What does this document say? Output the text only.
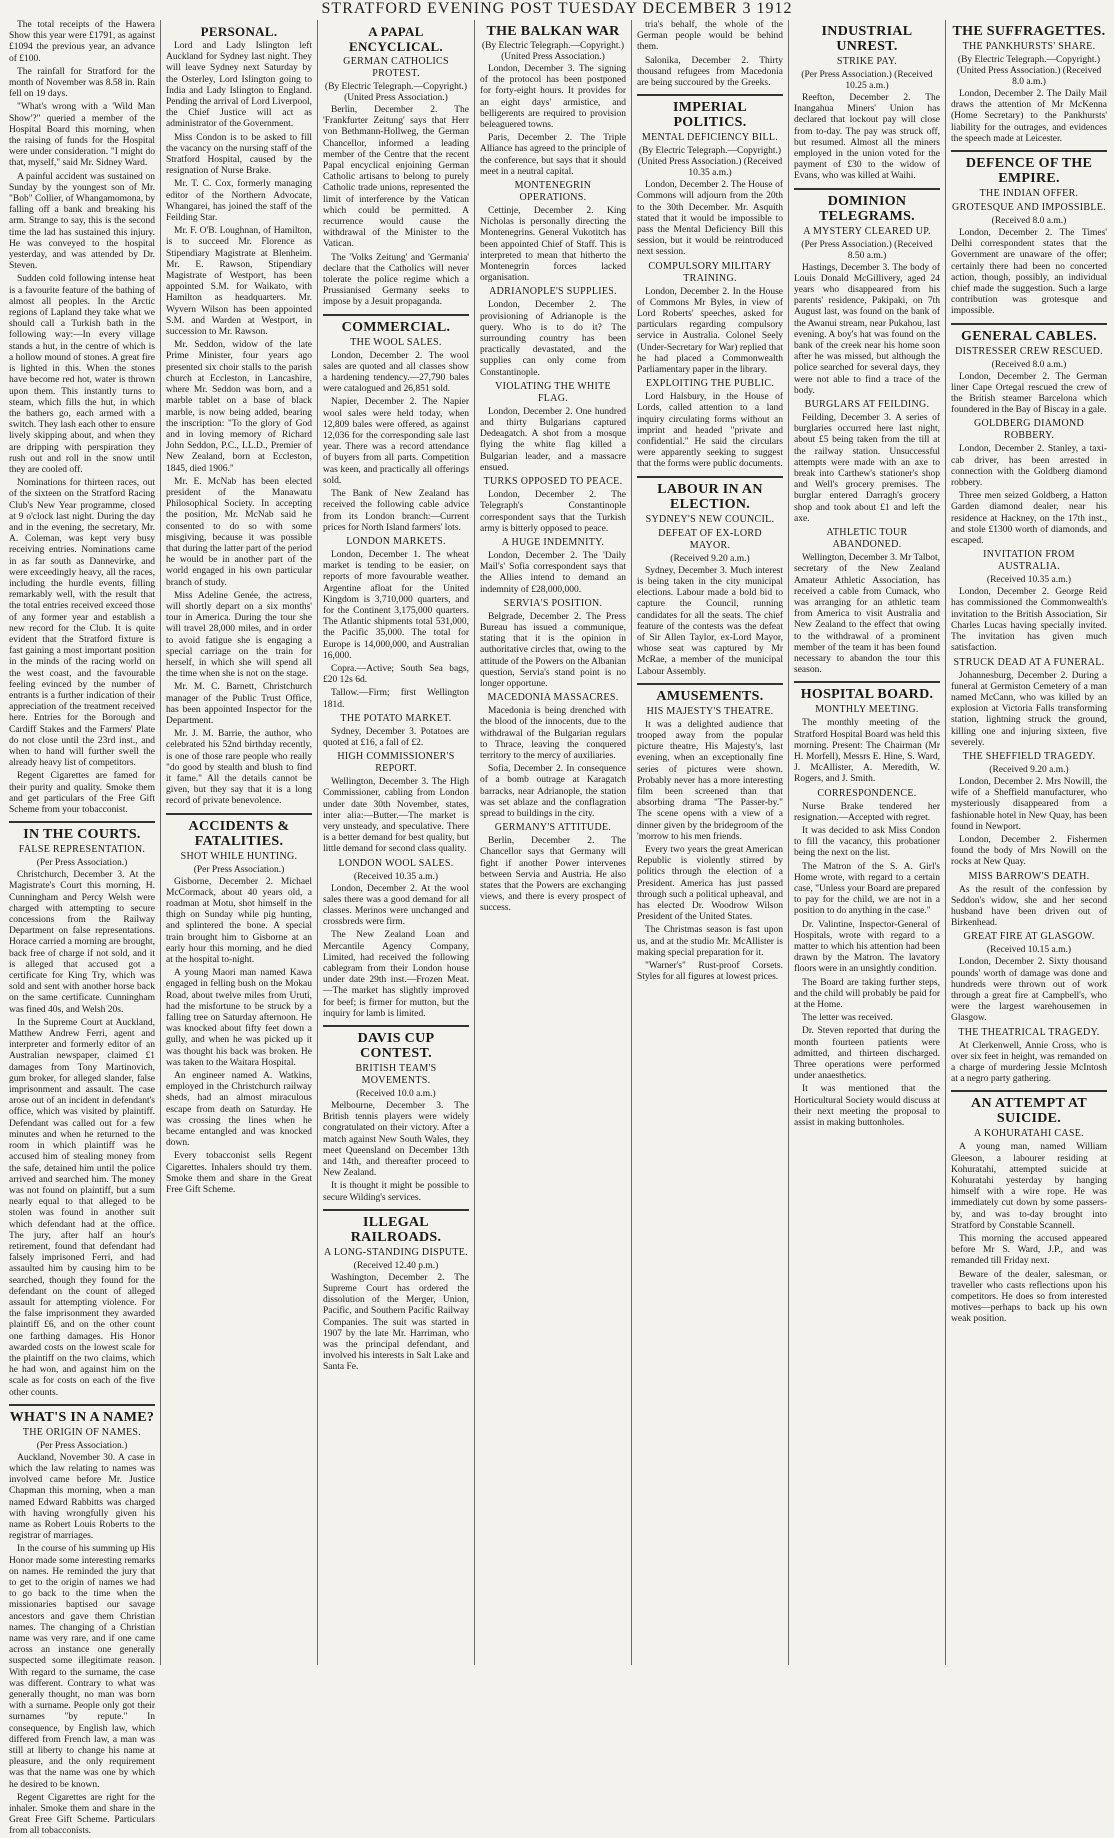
STRATFORD EVENING POST TUESDAY DECEMBER 3 1912

The total receipts of the Hawera Show this year were £1791, as against £1094 the previous year, an advance of £100.

The rainfall for Stratford for the month of November was 8.58 in. Rain fell on 19 days.

"What's wrong with a 'Wild Man Show'?" queried a member of the Hospital Board this morning, when the raising of funds for the Hospital were under consideration. "I might do that, myself," said Mr. Sidney Ward.

A painful accident was sustained on Sunday by the youngest son of Mr. "Bob" Collier, of Whangamomona, by falling off a bank and breaking his arm. Strange to say, this is the second time the lad has sustained this injury. He was conveyed to the hospital yesterday, and was attended by Dr. Steven.

Sudden cold following intense heat is a favourite feature of the bathing of almost all peoples. In the Arctic regions of Lapland they take what we should call a Turkish bath in the following way:—In every village stands a hut, in the centre of which is a hollow mound of stones. A great fire is lighted in this. When the stones have become red hot, water is thrown upon them. This instantly turns to steam, which fills the hut, in which the bathers go, each armed with a switch. They lash each other to ensure lively skipping about, and when they are dripping with perspiration they rush out and roll in the snow until they are cooled off.

Nominations for thirteen races, out of the sixteen on the Stratford Racing Club's New Year programme, closed at 9 o'clock last night. During the day and in the evening, the secretary, Mr. A. Coleman, was kept very busy receiving entries. Nominations came in as far south as Dannevirke, and were exceedingly heavy, all the races, including the hurdle events, filling remarkably well, with the result that the total entries received exceed those of any former year and establish a new record for the Club. It is quite evident that the Stratford fixture is fast gaining a most important position in the minds of the racing world on the west coast, and the favourable feeling evinced by the number of entrants is a further indication of their appreciation of the treatment received here. Entries for the Borough and Cardiff Stakes and the Farmers' Plate do not close until the 23rd inst., and when to hand will further swell the already heavy list of competitors.

Regent Cigarettes are famed for their purity and quality. Smoke them and get particulars of the Free Gift Scheme from your tobacconist.

IN THE COURTS.
FALSE REPRESENTATION.
(Per Press Association.)

Christchurch, December 3. At the Magistrate's Court this morning, H. Cunningham and Percy Welsh were charged with attempting to secure concessions from the Railway Department on false representations. Horace carried a morning are brought, back free of charge if not sold, and it is alleged that accused got a certificate for King Try, which was sold and sent with another horse back on the same certificate. Cunningham was fined 40s, and Welsh 20s.

In the Supreme Court at Auckland, Matthew Andrew Ferri, agent and interpreter and formerly editor of an Australian newspaper, claimed £1 damages from Tony Martinovich, gum broker, for alleged slander, false imprisonment and assault. The case arose out of an incident in defendant's office, which was visited by plaintiff. Defendant was called out for a few minutes and when he returned to the room in which plaintiff was he accused him of stealing money from the safe, detained him until the police arrived and searched him. The money was not found on plaintiff, but a sum nearly equal to that alleged to be stolen was found in another suit which defendant had at the office. The jury, after half an hour's retirement, found that defendant had falsely imprisoned Ferri, and had assaulted him by causing him to be searched, though they found for the defendant on the count of alleged assault for attempting violence. For the false imprisonment they awarded plaintiff £6, and on the other count one farthing damages. His Honor awarded costs on the lowest scale for the plaintiff on the two claims, which he had won, and against him on the scale as for costs on each of the five other counts.

WHAT'S IN A NAME?
THE ORIGIN OF NAMES.
(Per Press Association.)

Auckland, November 30. A case in which the law relating to names was involved came before Mr. Justice Chapman this morning, when a man named Edward Rabbitts was charged with having wrongfully given his name as Robert Louis Roberts to the registrar of marriages.

In the course of his summing up His Honor made some interesting remarks on names. He reminded the jury that to get to the origin of names we had to go back to the time when the missionaries baptised our savage ancestors and gave them Christian names. The changing of a Christian name was very rare, and if one came across an instance one generally suspected some illegitimate reason. With regard to the surname, the case was different. Contrary to what was generally thought, no man was born with a surname. People only got their surnames "by repute." In consequence, by English law, which differed from French law, a man was still at liberty to change his name at pleasure, and the only requirement was that the name was one by which he desired to be known.

Regent Cigarettes are right for the inhaler. Smoke them and share in the Great Free Gift Scheme. Particulars from all tobacconists.

PERSONAL.

Lord and Lady Islington left Auckland for Sydney last night. They will leave Sydney next Saturday by the Osterley, Lord Islington going to India and Lady Islington to England. Pending the arrival of Lord Liverpool, the Chief Justice will act as administrator of the Government.

Miss Condon is to be asked to fill the vacancy on the nursing staff of the Stratford Hospital, caused by the resignation of Nurse Brake.

Mr. T. C. Cox, formerly managing editor of the Northern Advocate, Whangarei, has joined the staff of the Feilding Star.

Mr. F. O'B. Loughnan, of Hamilton, is to succeed Mr. Florence as Stipendiary Magistrate at Blenheim. Mr. E. Rawson, Stipendiary Magistrate of Westport, has been appointed S.M. for Waikato, with Hamilton as headquarters. Mr. Wyvern Wilson has been appointed S.M. and Warden at Westport, in succession to Mr. Rawson.

Mr. Seddon, widow of the late Prime Minister, four years ago presented six choir stalls to the parish church at Eccleston, in Lancashire, where Mr. Seddon was born, and a marble tablet on a base of black marble, is now being added, bearing the inscription: "To the glory of God and in loving memory of Richard John Seddon, P.C., LL.D., Premier of New Zealand, born at Eccleston, 1845, died 1906."

Mr. E. McNab has been elected president of the Manawatu Philosophical Society. In accepting the position, Mr. McNab said he consented to do so with some misgiving, because it was possible that during the latter part of the period he would be in another part of the world engaged in his own particular branch of study.

Miss Adeline Genée, the actress, will shortly depart on a six months' tour in America. During the tour she will travel 28,000 miles, and in order to avoid fatigue she is engaging a special carriage on the train for herself, in which she will spend all the time when she is not on the stage.

Mr. M. C. Barnett, Christchurch manager of the Public Trust Office, has been appointed Inspector for the Department.

Mr. J. M. Barrie, the author, who celebrated his 52nd birthday recently, is one of those rare people who really "do good by stealth and blush to find it fame." All the details cannot be given, but they say that it is a long record of private benevolence.

ACCIDENTS & FATALITIES.
SHOT WHILE HUNTING.
(Per Press Association.)

Gisborne, December 2. Michael McCormack, about 40 years old, a roadman at Motu, shot himself in the thigh on Sunday while pig hunting, and splintered the bone. A special train brought him to Gisborne at an early hour this morning, and he died at the hospital to-night.

A young Maori man named Kawa engaged in felling bush on the Mokau Road, about twelve miles from Uruti, had the misfortune to be struck by a falling tree on Saturday afternoon. He was knocked about fifty feet down a gully, and when he was picked up it was thought his back was broken. He was taken to the Waitara Hospital.

An engineer named A. Watkins, employed in the Christchurch railway sheds, had an almost miraculous escape from death on Saturday. He was crossing the lines when he became entangled and was knocked down.

Every tobacconist sells Regent Cigarettes. Inhalers should try them. Smoke them and share in the Great Free Gift Scheme.

A PAPAL ENCYCLICAL.
GERMAN CATHOLICS PROTEST.
(By Electric Telegraph.—Copyright.) (United Press Association.)

Berlin, December 2. The 'Frankfurter Zeitung' says that Herr von Bethmann-Hollweg, the German Chancellor, informed a leading member of the Centre that the recent Papal encyclical enjoining German Catholic artisans to belong to purely Catholic trade unions, represented the limit of interference by the Vatican which could be permitted. A recurrence would cause the withdrawal of the Minister to the Vatican.

The 'Volks Zeitung' and 'Germania' declare that the Catholics will never tolerate the police regime which a Prussianised Germany seeks to impose by a Jesuit propaganda.

COMMERCIAL.
THE WOOL SALES.

London, December 2. The wool sales are quoted and all classes show a hardening tendency.—27,790 bales were catalogued and 26,851 sold.

Napier, December 2. The Napier wool sales were held today, when 12,809 bales were offered, as against 12,036 for the corresponding sale last year. There was a record attendance of buyers from all parts. Competition was keen, and practically all offerings sold.

The Bank of New Zealand has received the following cable advice from its London branch:—Current prices for North Island farmers' lots.

LONDON MARKETS.

London, December 1. The wheat market is tending to be easier, on reports of more favourable weather. Argentine afloat for the United Kingdom is 3,710,000 quarters, and for the Continent 3,175,000 quarters. The Atlantic shipments total 531,000, the Pacific 35,000. The total for Europe is 14,000,000, and Australian 16,000.

Copra.—Active; South Sea bags, £20 12s 6d.

Tallow.—Firm; first Wellington 181d.

THE POTATO MARKET.

Sydney, December 3. Potatoes are quoted at £16, a fall of £2.

HIGH COMMISSIONER'S REPORT.

Wellington, December 3. The High Commissioner, cabling from London under date 30th November, states, inter alia:—Butter.—The market is very unsteady, and speculative. There is a better demand for best quality, but little demand for second class quality.

LONDON WOOL SALES.
(Received 10.35 a.m.)

London, December 2. At the wool sales there was a good demand for all classes. Merinos were unchanged and crossbreds were firm.

The New Zealand Loan and Mercantile Agency Company, Limited, had received the following cablegram from their London house under date 29th inst.—Frozen Meat.—The market has slightly improved for beef; is firmer for mutton, but the inquiry for lamb is limited.

DAVIS CUP CONTEST.
BRITISH TEAM'S MOVEMENTS.
(Received 10.0 a.m.)

Melbourne, December 3. The British tennis players were widely congratulated on their victory. After a match against New South Wales, they meet Queensland on December 13th and 14th, and thereafter proceed to New Zealand.

It is thought it might be possible to secure Wilding's services.

ILLEGAL RAILROADS.
A LONG-STANDING DISPUTE.
(Received 12.40 p.m.)

Washington, December 2. The Supreme Court has ordered the dissolution of the Merger, Union, Pacific, and Southern Pacific Railway Companies. The suit was started in 1907 by the late Mr. Harriman, who was the principal defendant, and involved his interests in Salt Lake and Santa Fe.

THE BALKAN WAR
(By Electric Telegraph.—Copyright.) (United Press Association.)

London, December 3. The signing of the protocol has been postponed for forty-eight hours. It provides for an eight days' armistice, and belligerents are required to provision beleaguered towns.

Paris, December 2. The Triple Alliance has agreed to the principle of the conference, but says that it should meet in a neutral capital.

MONTENEGRIN OPERATIONS.

Cettinje, December 2. King Nicholas is personally directing the Montenegrins. General Vukotitch has been appointed Chief of Staff. This is interpreted to mean that hitherto the Montenegrin forces lacked organisation.

ADRIANOPLE'S SUPPLIES.

London, December 2. The provisioning of Adrianople is the query. Who is to do it? The surrounding country has been practically devastated, and the supplies can only come from Constantinople.

VIOLATING THE WHITE FLAG.

London, December 2. One hundred and thirty Bulgarians captured Dedeagatch. A shot from a mosque flying the white flag killed a Bulgarian leader, and a massacre ensued.

TURKS OPPOSED TO PEACE.

London, December 2. The Telegraph's Constantinople correspondent says that the Turkish army is bitterly opposed to peace.

A HUGE INDEMNITY.

London, December 2. The 'Daily Mail's' Sofia correspondent says that the Allies intend to demand an indemnity of £28,000,000.

SERVIA'S POSITION.

Belgrade, December 2. The Press Bureau has issued a communique, stating that it is the opinion in authoritative circles that, owing to the attitude of the Powers on the Albanian question, Servia's stand point is no longer opportune.

MACEDONIA MASSACRES.

Macedonia is being drenched with the blood of the innocents, due to the withdrawal of the Bulgarian regulars to Thrace, leaving the conquered territory to the mercy of auxiliaries.

Sofia, December 2. In consequence of a bomb outrage at Karagatch barracks, near Adrianople, the station was set ablaze and the conflagration spread to buildings in the city.

GERMANY'S ATTITUDE.

Berlin, December 2. The Chancellor says that Germany will fight if another Power intervenes between Servia and Austria. He also states that the Powers are exchanging views, and there is every prospect of success.

tria's behalf, the whole of the German people would be behind them.

Salonika, December 2. Thirty thousand refugees from Macedonia are being succoured by the Greeks.

IMPERIAL POLITICS.
MENTAL DEFICIENCY BILL.
(By Electric Telegraph.—Copyright.) (United Press Association.) (Received 10.35 a.m.)

London, December 2. The House of Commons will adjourn from the 20th to the 30th December. Mr. Asquith stated that it would be impossible to pass the Mental Deficiency Bill this session, but it would be reintroduced next session.

COMPULSORY MILITARY TRAINING.

London, December 2. In the House of Commons Mr Byles, in view of Lord Roberts' speeches, asked for particulars regarding compulsory service in Australia. Colonel Seely (Under-Secretary for War) replied that he had placed a Commonwealth Parliamentary paper in the library.

EXPLOITING THE PUBLIC.

Lord Halsbury, in the House of Lords, called attention to a land inquiry circulating forms without an imprint and headed "private and confidential." He said the circulars were apparently seeking to suggest that the forms were public documents.

LABOUR IN AN ELECTION.
SYDNEY'S NEW COUNCIL.
DEFEAT OF EX-LORD MAYOR.
(Received 9.20 a.m.)

Sydney, December 3. Much interest is being taken in the city municipal elections. Labour made a bold bid to capture the Council, running candidates for all the seats. The chief feature of the contests was the defeat of Sir Allen Taylor, ex-Lord Mayor, whose seat was captured by Mr McRae, a member of the municipal Labour Assembly.

AMUSEMENTS.
HIS MAJESTY'S THEATRE.

It was a delighted audience that trooped away from the popular picture theatre, His Majesty's, last evening, when an exceptionally fine series of pictures were shown. Probably never has a more interesting film been screened than that absorbing drama "The Passer-by." The scene opens with a view of a dinner given by the bridegroom of the 'morrow to his men friends.

Every two years the great American Republic is violently stirred by politics through the election of a President. America has just passed through such a political upheaval, and has elected Dr. Woodrow Wilson President of the United States.

The Christmas season is fast upon us, and at the studio Mr. McAllister is making special preparation for it.

"Warner's" Rust-proof Corsets. Styles for all figures at lowest prices.

INDUSTRIAL UNREST.
STRIKE PAY.
(Per Press Association.) (Received 10.25 a.m.)

Reefton, December 2. The Inangahua Miners' Union has declared that lockout pay will close from to-day. The pay was struck off, but resumed. Almost all the miners employed in the union voted for the payment of £30 to the widow of Evans, who was killed at Waihi.

DOMINION TELEGRAMS.
A MYSTERY CLEARED UP.
(Per Press Association.) (Received 8.50 a.m.)

Hastings, December 3. The body of Louis Donald McGillivery, aged 24 years who disappeared from his parents' residence, Pakipaki, on 7th August last, was found on the bank of the Awanui stream, near Pukahou, last evening. A boy's hat was found on the bank of the creek near his home soon after he was missed, but although the police searched for several days, they were not able to find a trace of the body.

BURGLARS AT FEILDING.

Feilding, December 3. A series of burglaries occurred here last night, about £5 being taken from the till at the railway station. Unsuccessful attempts were made with an axe to break into Carthew's stationer's shop and Well's grocery premises. The burglar entered Darragh's grocery shop and took about £1 and left the axe.

ATHLETIC TOUR ABANDONED.

Wellington, December 3. Mr Talbot, secretary of the New Zealand Amateur Athletic Association, has received a cable from Cumack, who was arranging for an athletic team from America to visit Australia and New Zealand to the effect that owing to the withdrawal of a prominent member of the team it has been found necessary to abandon the tour this season.

HOSPITAL BOARD.
MONTHLY MEETING.

The monthly meeting of the Stratford Hospital Board was held this morning. Present: The Chairman (Mr H. Morfell), Messrs E. Hine, S. Ward, J. McAllister, A. Meredith, W. Rogers, and J. Smith.

CORRESPONDENCE.

Nurse Brake tendered her resignation.—Accepted with regret.

It was decided to ask Miss Condon to fill the vacancy, this probationer being the next on the list.

The Matron of the S. A. Girl's Home wrote, with regard to a certain case, "Unless your Board are prepared to pay for the child, we are not in a position to do anything in the case."

Dr. Valintine, Inspector-General of Hospitals, wrote with regard to a matter to which his attention had been drawn by the Matron. The lavatory floors were in an unsightly condition.

The Board are taking further steps, and the child will probably be paid for at the Home.

The letter was received.

Dr. Steven reported that during the month fourteen patients were admitted, and thirteen discharged. Three operations were performed under anaesthetics.

It was mentioned that the Horticultural Society would discuss at their next meeting the proposal to assist in making buttonholes.

THE SUFFRAGETTES.
THE PANKHURSTS' SHARE.
(By Electric Telegraph.—Copyright.) (United Press Association.) (Received 8.0 a.m.)

London, December 2. The Daily Mail draws the attention of Mr McKenna (Home Secretary) to the Pankhursts' liability for the outrages, and evidences the speech made at Leicester.

DEFENCE OF THE EMPIRE.
THE INDIAN OFFER.
GROTESQUE AND IMPOSSIBLE.
(Received 8.0 a.m.)

London, December 2. The Times' Delhi correspondent states that the Government are unaware of the offer; certainly there had been no concerted action, though, possibly, an individual chief made the suggestion. Such a large contribution was grotesque and impossible.

GENERAL CABLES.
DISTRESSER CREW RESCUED.
(Received 8.0 a.m.)

London, December 2. The German liner Cape Ortegal rescued the crew of the British steamer Barcelona which foundered in the Bay of Biscay in a gale.

GOLDBERG DIAMOND ROBBERY.

London, December 2. Stanley, a taxi-cab driver, has been arrested in connection with the Goldberg diamond robbery.

Three men seized Goldberg, a Hatton Garden diamond dealer, near his residence at Hackney, on the 17th inst., and stole £1300 worth of diamonds, and escaped.

INVITATION FROM AUSTRALIA.
(Received 10.35 a.m.)

London, December 2. George Reid has commissioned the Commonwealth's invitation to the British Association, Sir Charles Lucas having specially invited. The invitation has given much satisfaction.

STRUCK DEAD AT A FUNERAL.

Johannesburg, December 2. During a funeral at Germiston Cemetery of a man named McCann, who was killed by an explosion at Victoria Falls transforming station, lightning struck the ground, killing one and injuring sixteen, five severely.

THE SHEFFIELD TRAGEDY.
(Received 9.20 a.m.)

London, December 2. Mrs Nowill, the wife of a Sheffield manufacturer, who mysteriously disappeared from a fashionable hotel in New Quay, has been found in Newport.

London, December 2. Fishermen found the body of Mrs Nowill on the rocks at New Quay.

MISS BARROW'S DEATH.

As the result of the confession by Seddon's widow, she and her second husband have been driven out of Birkenhead.

GREAT FIRE AT GLASGOW.
(Received 10.15 a.m.)

London, December 2. Sixty thousand pounds' worth of damage was done and hundreds were thrown out of work through a great fire at Campbell's, who were the largest warehousemen in Glasgow.

THE THEATRICAL TRAGEDY.

At Clerkenwell, Annie Cross, who is over six feet in height, was remanded on a charge of murdering Jessie McIntosh at a negro party gathering.

AN ATTEMPT AT SUICIDE.
A KOHURATAHI CASE.

A young man, named William Gleeson, a labourer residing at Kohuratahi, attempted suicide at Kohuratahi yesterday by hanging himself with a wire rope. He was immediately cut down by some passers-by, and was to-day brought into Stratford by Constable Scannell.

This morning the accused appeared before Mr S. Ward, J.P., and was remanded till Friday next.

Beware of the dealer, salesman, or traveller who casts reflections upon his competitors. He does so from interested motives—perhaps to back up his own weak position.
